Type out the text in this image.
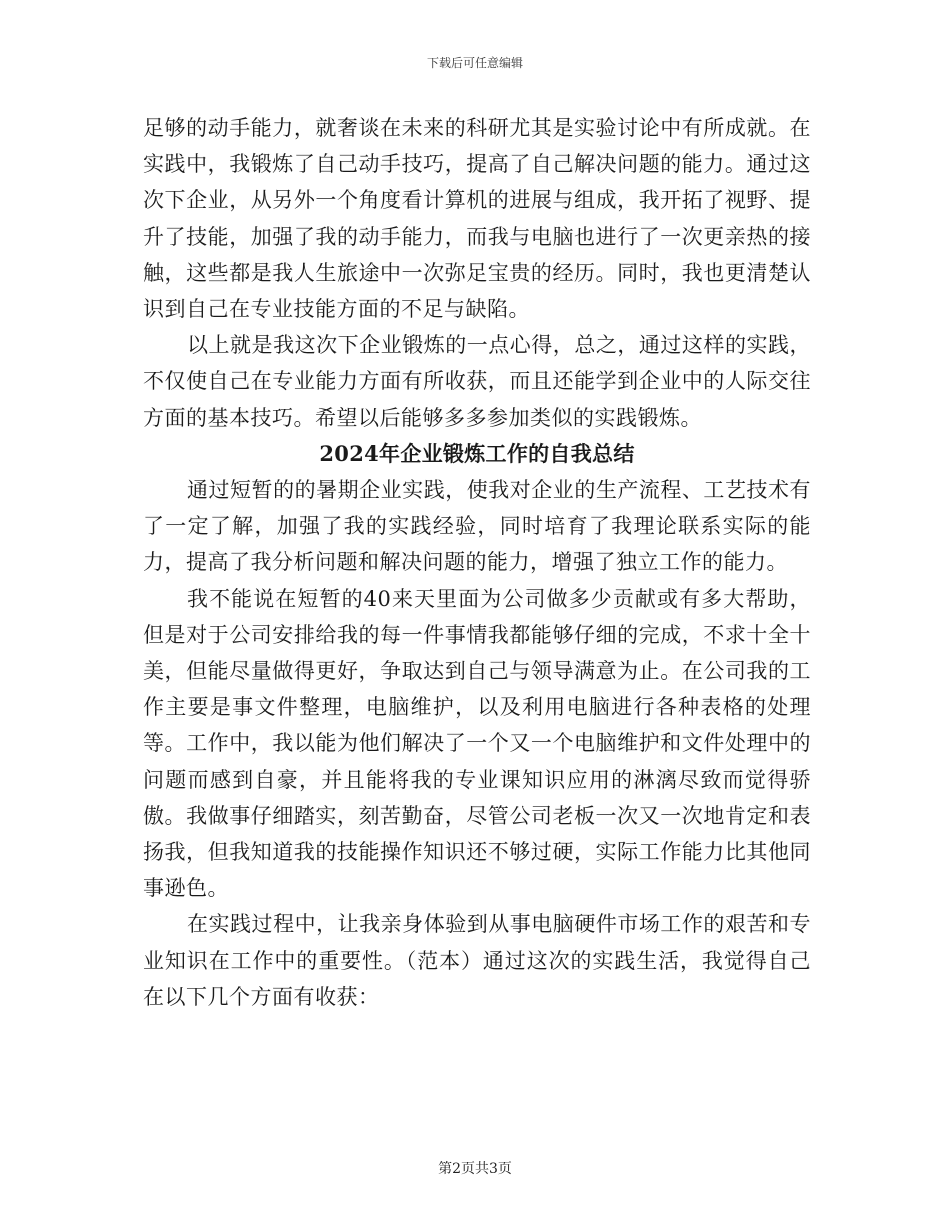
下载后可任意编辑

足够的动手能力，就奢谈在未来的科研尤其是实验讨论中有所成就。在实践中，我锻炼了自己动手技巧，提高了自己解决问题的能力。通过这次下企业，从另外一个角度看计算机的进展与组成，我开拓了视野、提升了技能，加强了我的动手能力，而我与电脑也进行了一次更亲热的接触，这些都是我人生旅途中一次弥足宝贵的经历。同时，我也更清楚认识到自己在专业技能方面的不足与缺陷。

以上就是我这次下企业锻炼的一点心得，总之，通过这样的实践，不仅使自己在专业能力方面有所收获，而且还能学到企业中的人际交往方面的基本技巧。希望以后能够多多参加类似的实践锻炼。

2024年企业锻炼工作的自我总结

通过短暂的的暑期企业实践，使我对企业的生产流程、工艺技术有了一定了解，加强了我的实践经验，同时培育了我理论联系实际的能力，提高了我分析问题和解决问题的能力，增强了独立工作的能力。

我不能说在短暂的40来天里面为公司做多少贡献或有多大帮助，但是对于公司安排给我的每一件事情我都能够仔细的完成，不求十全十美，但能尽量做得更好，争取达到自己与领导满意为止。在公司我的工作主要是事文件整理，电脑维护，以及利用电脑进行各种表格的处理等。工作中，我以能为他们解决了一个又一个电脑维护和文件处理中的问题而感到自豪，并且能将我的专业课知识应用的淋漓尽致而觉得骄傲。我做事仔细踏实，刻苦勤奋，尽管公司老板一次又一次地肯定和表扬我，但我知道我的技能操作知识还不够过硬，实际工作能力比其他同事逊色。

在实践过程中，让我亲身体验到从事电脑硬件市场工作的艰苦和专业知识在工作中的重要性。（范本）通过这次的实践生活，我觉得自己在以下几个方面有收获：

第2页共3页
